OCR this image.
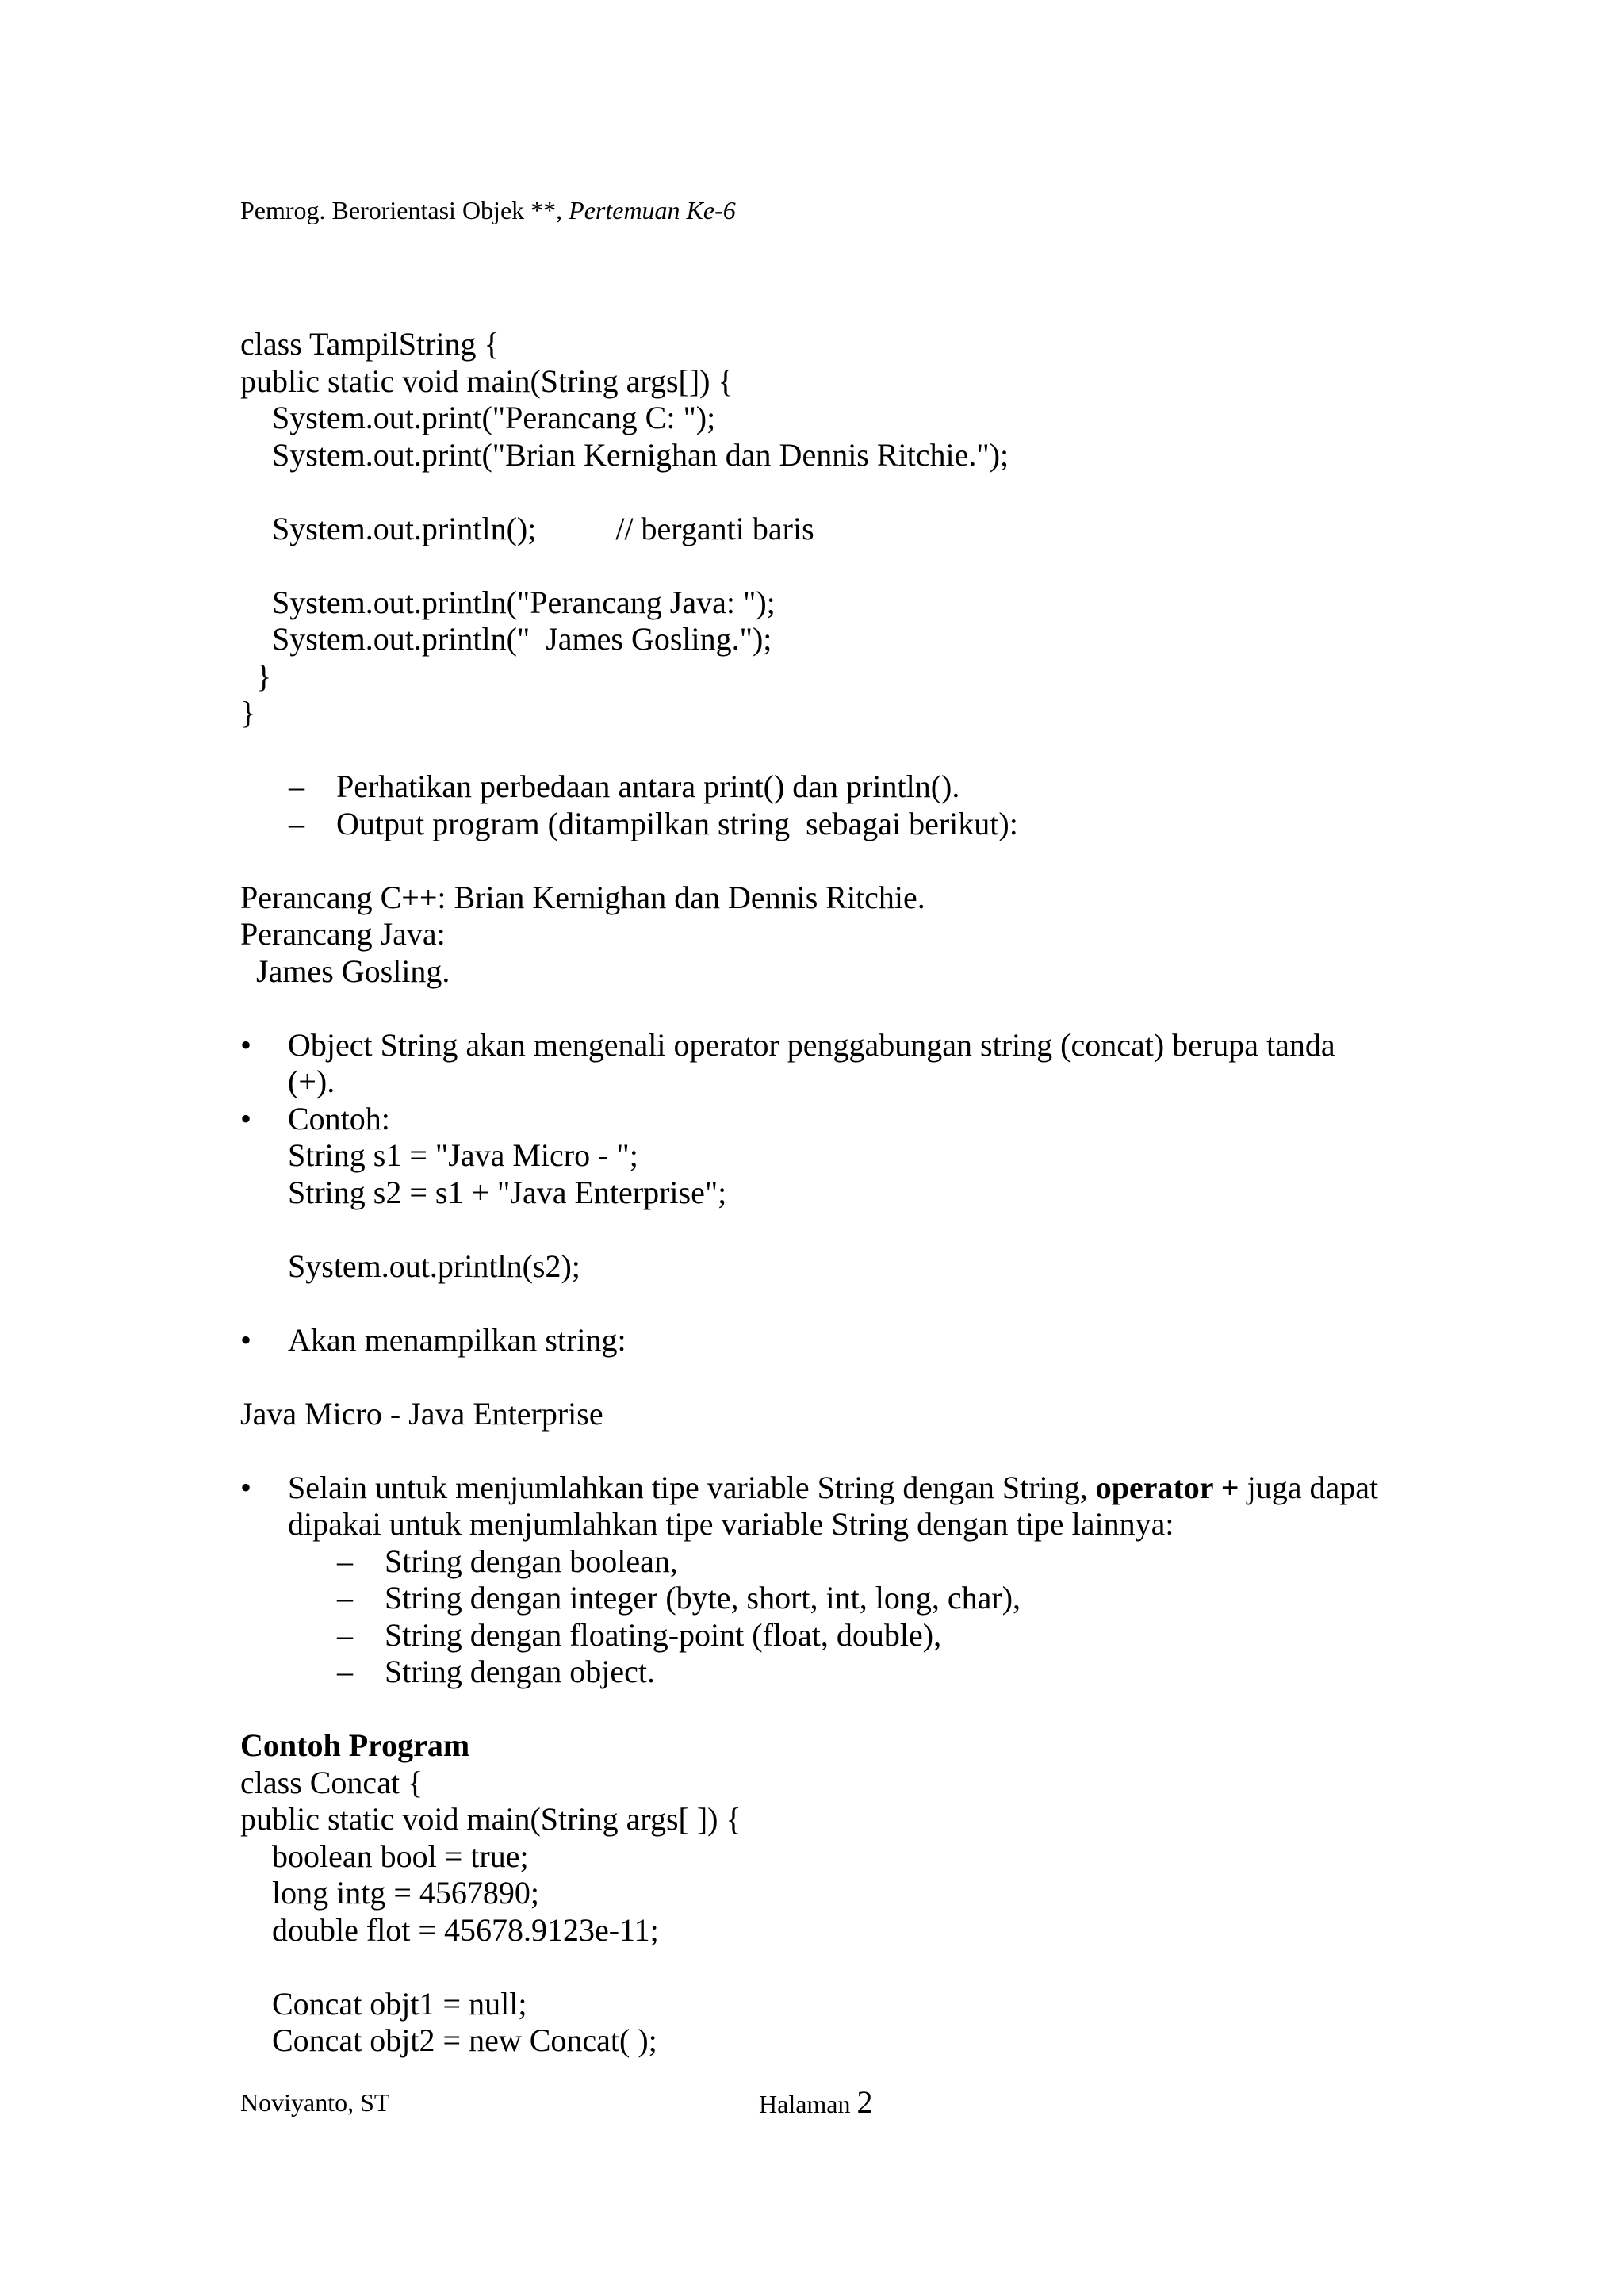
Pemrog. Berorientasi Objek **, Pertemuan Ke-6
class TampilString {
public static void main(String args[]) {
System.out.print("Perancang C: ");
System.out.print("Brian Kernighan dan Dennis Ritchie.");
System.out.println();	// berganti baris
System.out.println("Perancang Java: ");
System.out.println("  James Gosling.");
}
}
– Perhatikan perbedaan antara print() dan println().
– Output program (ditampilkan string  sebagai berikut):
Perancang C++: Brian Kernighan dan Dennis Ritchie.
Perancang Java:
James Gosling.
• Object String akan mengenali operator penggabungan string (concat) berupa tanda
(+).
• Contoh:
String s1 = "Java Micro - ";
String s2 = s1 + "Java Enterprise";
System.out.println(s2);
• Akan menampilkan string:
Java Micro - Java Enterprise
• Selain untuk menjumlahkan tipe variable String dengan String, operator + juga dapat
dipakai untuk menjumlahkan tipe variable String dengan tipe lainnya:
– String dengan boolean,
– String dengan integer (byte, short, int, long, char),
– String dengan floating-point (float, double),
– String dengan object.
Contoh Program
class Concat {
public static void main(String args[ ]) {
boolean bool = true;
long intg = 4567890;
double flot = 45678.9123e-11;
Concat objt1 = null;
Concat objt2 = new Concat( );
Noviyanto, ST	Halaman 2
